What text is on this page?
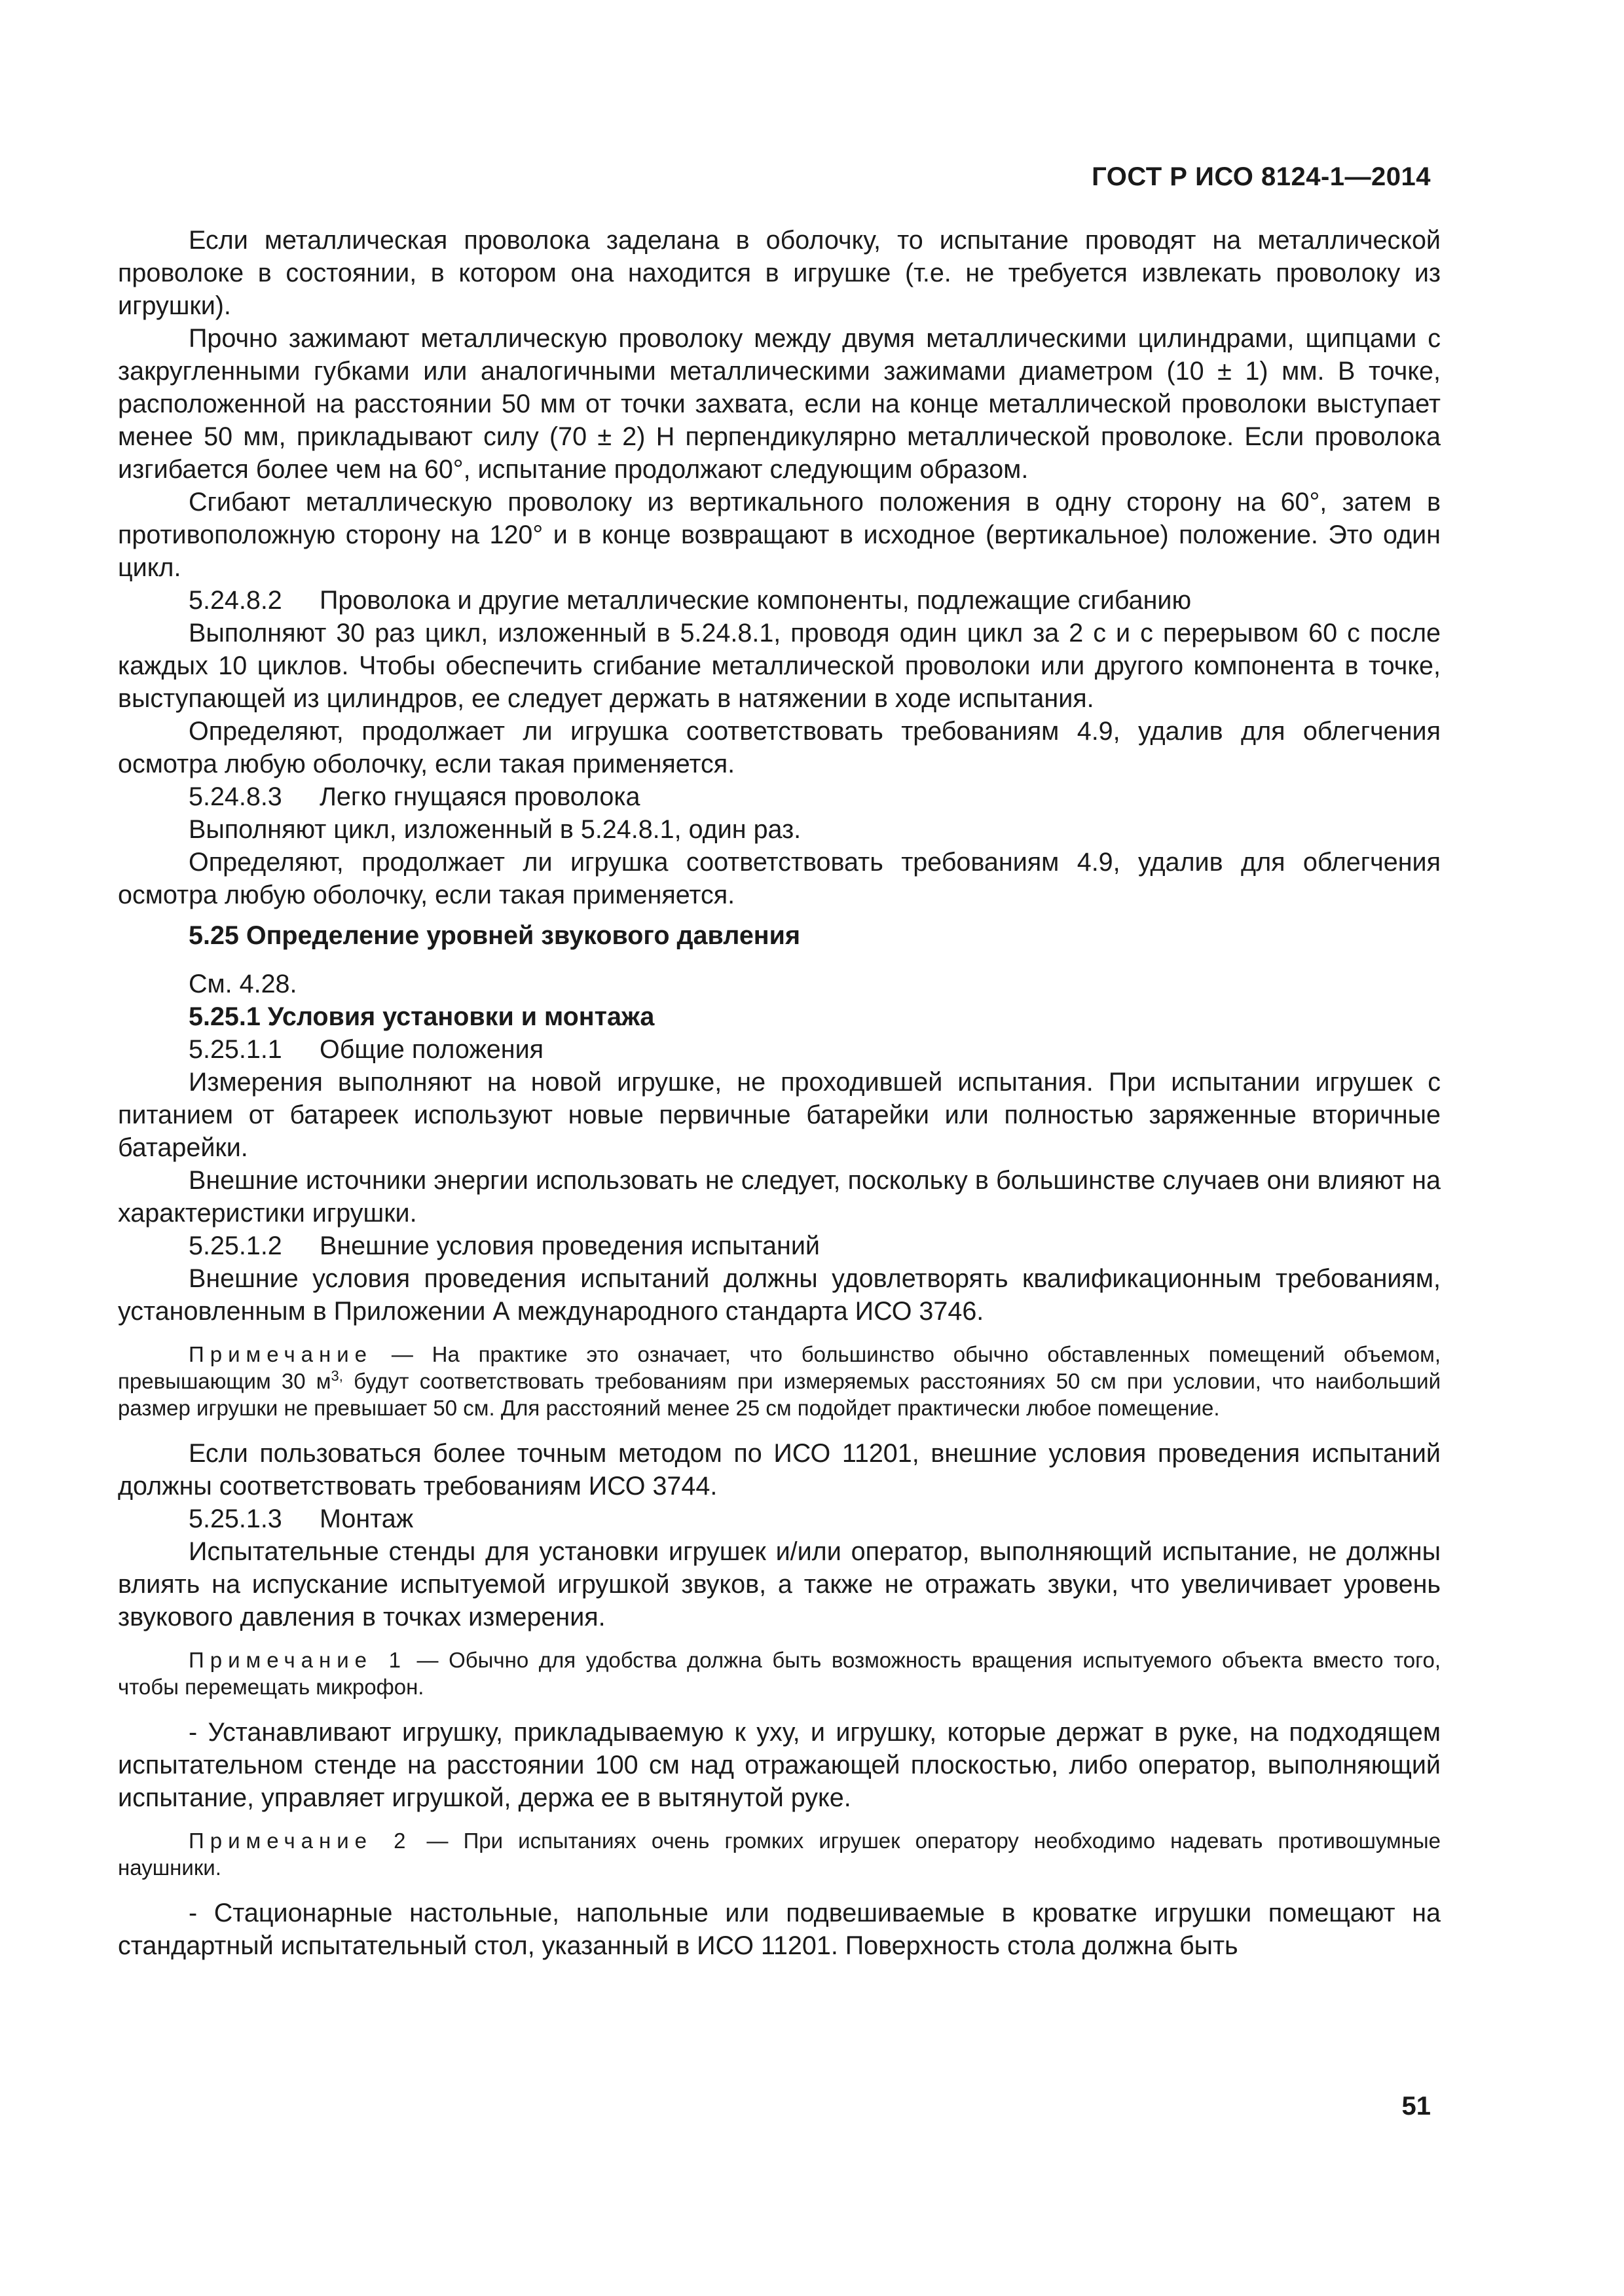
ГОСТ Р ИСО 8124-1—2014

Если металлическая проволока заделана в оболочку, то испытание проводят на металлической проволоке в состоянии, в котором она находится в игрушке (т.е. не требуется извлекать проволоку из игрушки).

Прочно зажимают металлическую проволоку между двумя металлическими цилиндрами, щипцами с закругленными губками или аналогичными металлическими зажимами диаметром (10 ± 1) мм. В точке, расположенной на расстоянии 50 мм от точки захвата, если на конце металлической проволоки выступает менее 50 мм, прикладывают силу (70 ± 2) Н перпендикулярно металлической проволоке. Если проволока изгибается более чем на 60°, испытание продолжают следующим образом.

Сгибают металлическую проволоку из вертикального положения в одну сторону на 60°, затем в противоположную сторону на 120° и в конце возвращают в исходное (вертикальное) положение. Это один цикл.

5.24.8.2 Проволока и другие металлические компоненты, подлежащие сгибанию

Выполняют 30 раз цикл, изложенный в 5.24.8.1, проводя один цикл за 2 с и с перерывом 60 с после каждых 10 циклов. Чтобы обеспечить сгибание металлической проволоки или другого компонента в точке, выступающей из цилиндров, ее следует держать в натяжении в ходе испытания.

Определяют, продолжает ли игрушка соответствовать требованиям 4.9, удалив для облегчения осмотра любую оболочку, если такая применяется.

5.24.8.3 Легко гнущаяся проволока

Выполняют цикл, изложенный в 5.24.8.1, один раз.

Определяют, продолжает ли игрушка соответствовать требованиям 4.9, удалив для облегчения осмотра любую оболочку, если такая применяется.

5.25 Определение уровней звукового давления

См. 4.28.

5.25.1 Условия установки и монтажа

5.25.1.1 Общие положения

Измерения выполняют на новой игрушке, не проходившей испытания. При испытании игрушек с питанием от батареек используют новые первичные батарейки или полностью заряженные вторичные батарейки.

Внешние источники энергии использовать не следует, поскольку в большинстве случаев они влияют на характеристики игрушки.

5.25.1.2 Внешние условия проведения испытаний

Внешние условия проведения испытаний должны удовлетворять квалификационным требованиям, установленным в Приложении А международного стандарта ИСО 3746.

Примечание — На практике это означает, что большинство обычно обставленных помещений объемом, превышающим 30 $м^{3,}$ будут соответствовать требованиям при измеряемых расстояниях 50 см при условии, что наибольший размер игрушки не превышает 50 см. Для расстояний менее 25 см подойдет практически любое помещение.

Если пользоваться более точным методом по ИСО 11201, внешние условия проведения испытаний должны соответствовать требованиям ИСО 3744.

5.25.1.3 Монтаж

Испытательные стенды для установки игрушек и/или оператор, выполняющий испытание, не должны влиять на испускание испытуемой игрушкой звуков, а также не отражать звуки, что увеличивает уровень звукового давления в точках измерения.

Примечание 1 — Обычно для удобства должна быть возможность вращения испытуемого объекта вместо того, чтобы перемещать микрофон.

- Устанавливают игрушку, прикладываемую к уху, и игрушку, которые держат в руке, на подходящем испытательном стенде на расстоянии 100 см над отражающей плоскостью, либо оператор, выполняющий испытание, управляет игрушкой, держа ее в вытянутой руке.

Примечание 2 — При испытаниях очень громких игрушек оператору необходимо надевать противошумные наушники.

- Стационарные настольные, напольные или подвешиваемые в кроватке игрушки помещают на стандартный испытательный стол, указанный в ИСО 11201. Поверхность стола должна быть

51
